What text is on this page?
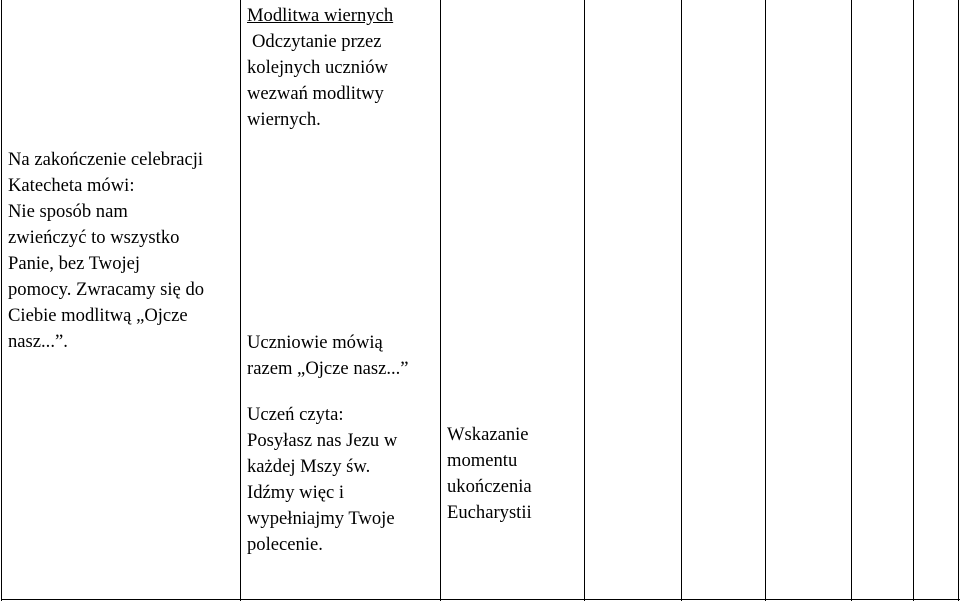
Na zakończenie celebracji
Katecheta mówi:
Nie sposób nam
zwieńczyć to wszystko
Panie, bez Twojej
pomocy. Zwracamy się do
Ciebie modlitwą „Ojcze
nasz...”.
Modlitwa wiernych
Odczytanie przez
kolejnych uczniów
wezwań modlitwy
wiernych.
Uczniowie mówią
razem „Ojcze nasz...”
Uczeń czyta:
Posyłasz nas Jezu w
każdej Mszy św.
Idźmy więc i
wypełniajmy Twoje
polecenie.
Wskazanie
momentu
ukończenia
Eucharystii
